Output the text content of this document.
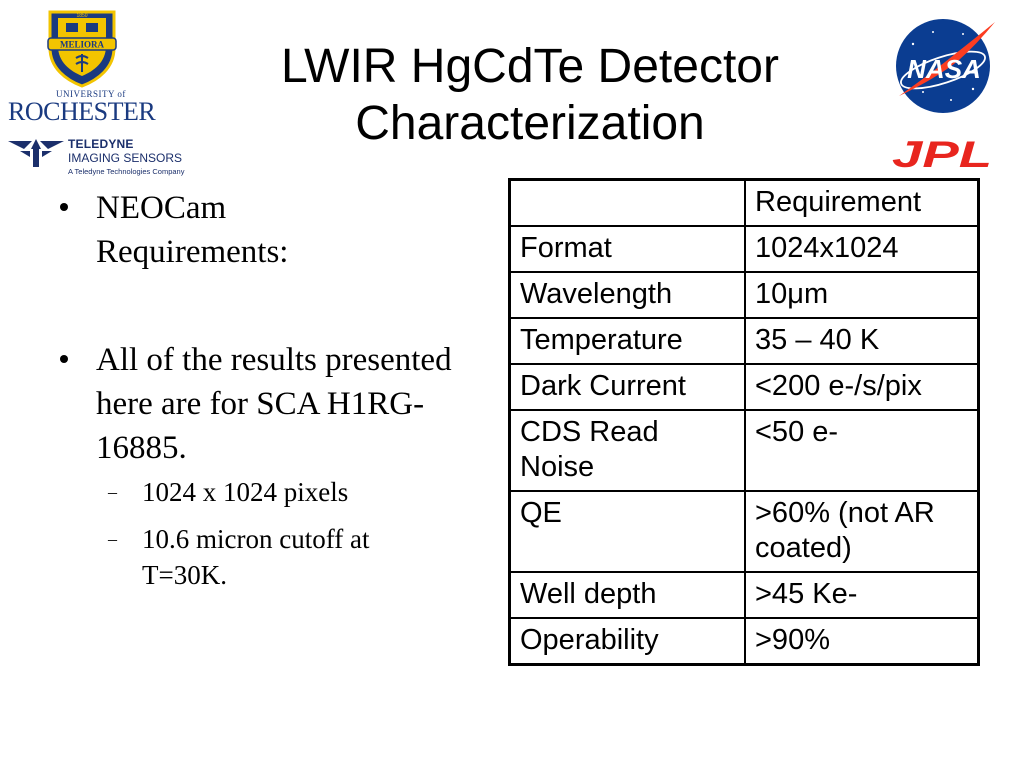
LWIR HgCdTe Detector
Characterization
MELIORA
1850
UNIVERSITY of
ROCHESTER
TELEDYNE
IMAGING SENSORS
A Teledyne Technologies Company
NASA
JPL
NEOCam Requirements:
All of the results presented here are for SCA H1RG-16885.
– 1024 x 1024 pixels
– 10.6 micron cutoff at T=30K.
	Requirement
Format	1024x1024
Wavelength	10μm
Temperature	35 – 40 K
Dark Current	<200 e-/s/pix
CDS Read Noise	<50 e-
QE	>60% (not AR coated)
Well depth	>45 Ke-
Operability	>90%
